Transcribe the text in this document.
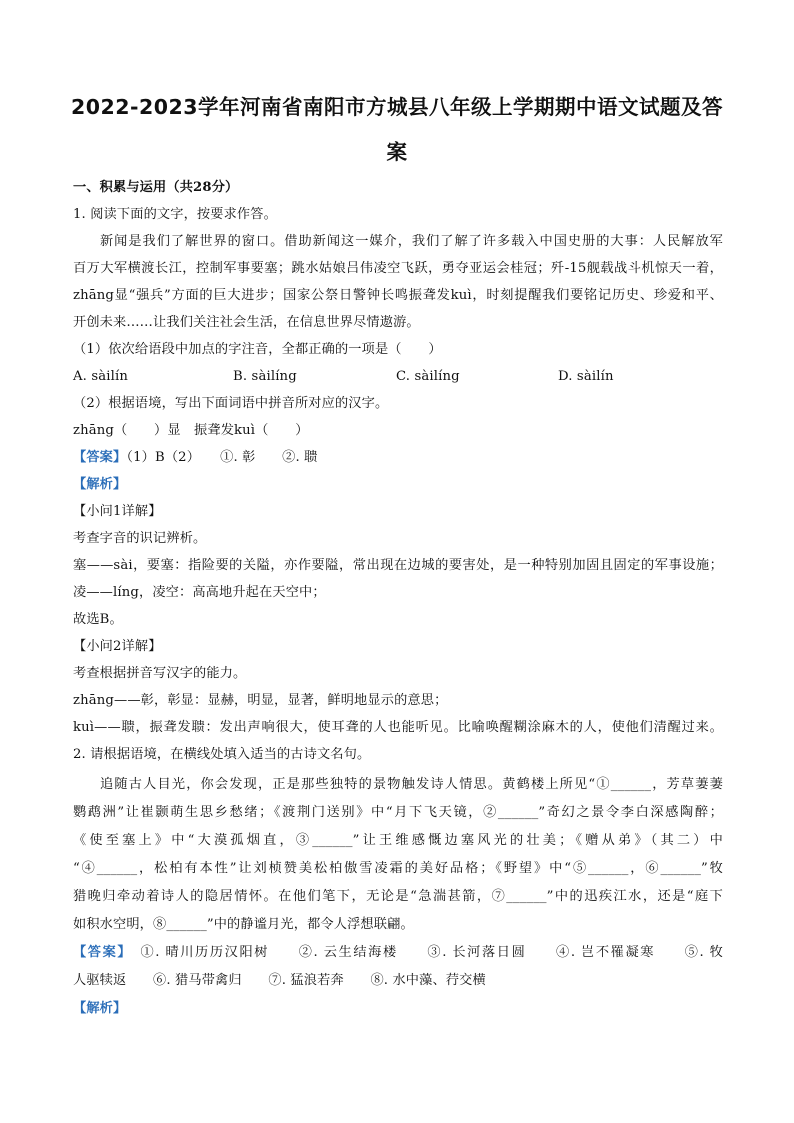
2022-2023学年河南省南阳市方城县八年级上学期期中语文试题及答
案
一、积累与运用（共28分）
1. 阅读下面的文字，按要求作答。
新闻是我们了解世界的窗口。借助新闻这一媒介，我们了解了许多载入中国史册的大事：人民解放军
百万大军横渡长江，控制军事要塞；跳水姑娘吕伟凌空飞跃，勇夺亚运会桂冠；歼-15舰载战斗机惊天一着，
zhāng显“强兵”方面的巨大进步；国家公祭日警钟长鸣振聋发kuì，时刻提醒我们要铭记历史、珍爱和平、
开创未来……让我们关注社会生活，在信息世界尽情遨游。
（1）依次给语段中加点的字注音，全都正确的一项是（　　）
A. sàilín	B. sàilíng	C. sàilíng	D. sàilín
（2）根据语境，写出下面词语中拼音所对应的汉字。
zhāng（　　）显　振聋发kuì（　　）
【答案】（1）B（2）　　①. 彰　　②. 聩
【解析】
【小问1详解】
考查字音的识记辨析。
塞——sài，要塞：指险要的关隘，亦作要隘，常出现在边城的要害处，是一种特别加固且固定的军事设施；
凌——líng，凌空：高高地升起在天空中；
故选B。
【小问2详解】
考查根据拼音写汉字的能力。
zhāng——彰，彰显：显赫，明显，显著，鲜明地显示的意思；
kuì——聩，振聋发聩：发出声响很大，使耳聋的人也能听见。比喻唤醒糊涂麻木的人，使他们清醒过来。
2. 请根据语境，在横线处填入适当的古诗文名句。
追随古人目光，你会发现，正是那些独特的景物触发诗人情思。黄鹤楼上所见“①______，芳草萋萋
鹦鹉洲”让崔颢萌生思乡愁绪；《渡荆门送别》中“月下飞天镜，②______”奇幻之景令李白深感陶醉；
《使至塞上》中“大漠孤烟直，③______”让王维感慨边塞风光的壮美；《赠从弟》（其二）中
“④______，松柏有本性”让刘桢赞美松柏傲雪凌霜的美好品格；《野望》中“⑤______，⑥______”牧
猎晚归牵动着诗人的隐居情怀。在他们笔下，无论是“急湍甚箭，⑦______”中的迅疾江水，还是“庭下
如积水空明，⑧______”中的静谧月光，都令人浮想联翩。
【答案】　①. 晴川历历汉阳树　　②. 云生结海楼　　③. 长河落日圆　　④. 岂不罹凝寒　　⑤. 牧
人驱犊返　　⑥. 猎马带禽归　　⑦. 猛浪若奔　　⑧. 水中藻、荇交横
【解析】
